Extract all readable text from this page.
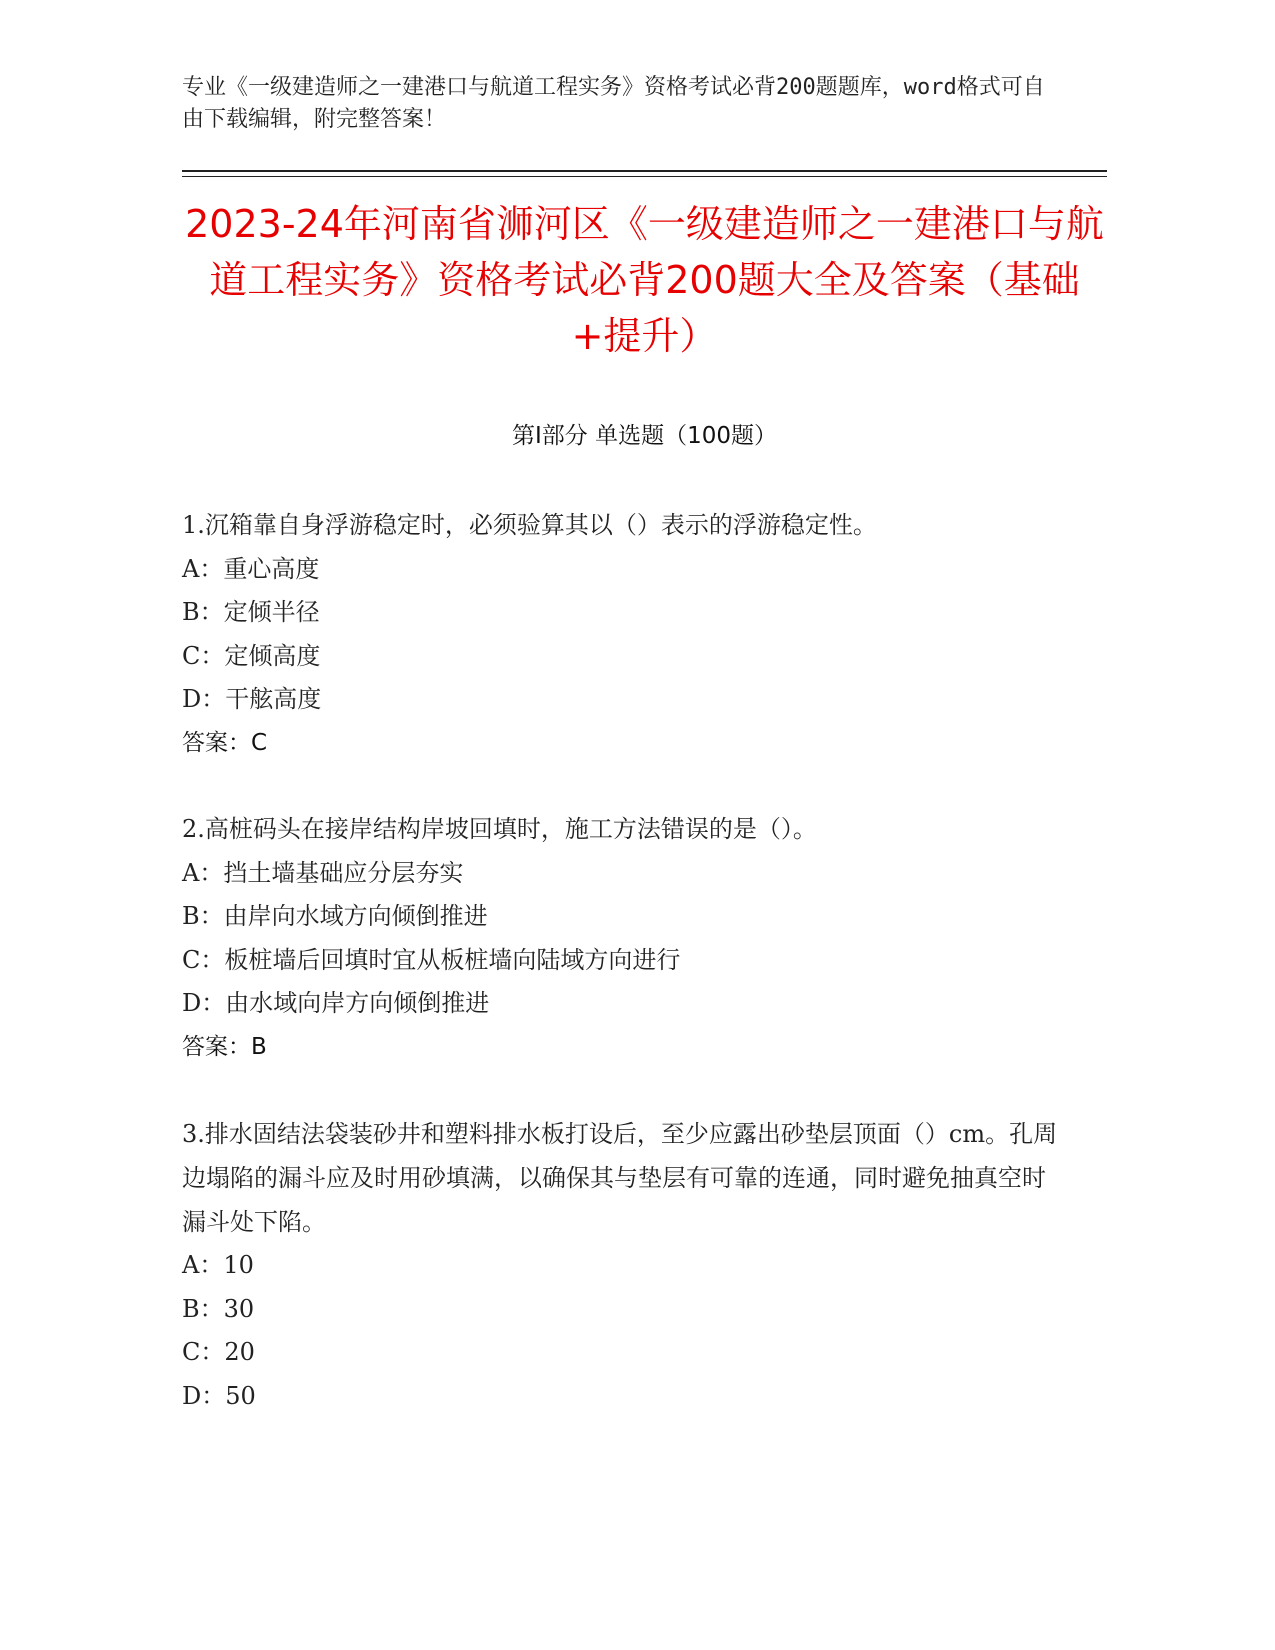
专业《一级建造师之一建港口与航道工程实务》资格考试必背200题题库，word格式可自由下载编辑，附完整答案！
2023-24年河南省浉河区《一级建造师之一建港口与航道工程实务》资格考试必背200题大全及答案（基础+提升）
第Ⅰ部分 单选题（100题）
1.沉箱靠自身浮游稳定时，必须验算其以（）表示的浮游稳定性。
A：重心高度
B：定倾半径
C：定倾高度
D：干舷高度
答案：C
2.高桩码头在接岸结构岸坡回填时，施工方法错误的是（）。
A：挡土墙基础应分层夯实
B：由岸向水域方向倾倒推进
C：板桩墙后回填时宜从板桩墙向陆域方向进行
D：由水域向岸方向倾倒推进
答案：B
3.排水固结法袋装砂井和塑料排水板打设后，至少应露出砂垫层顶面（）cm。孔周边塌陷的漏斗应及时用砂填满，以确保其与垫层有可靠的连通，同时避免抽真空时漏斗处下陷。
A：10
B：30
C：20
D：50
